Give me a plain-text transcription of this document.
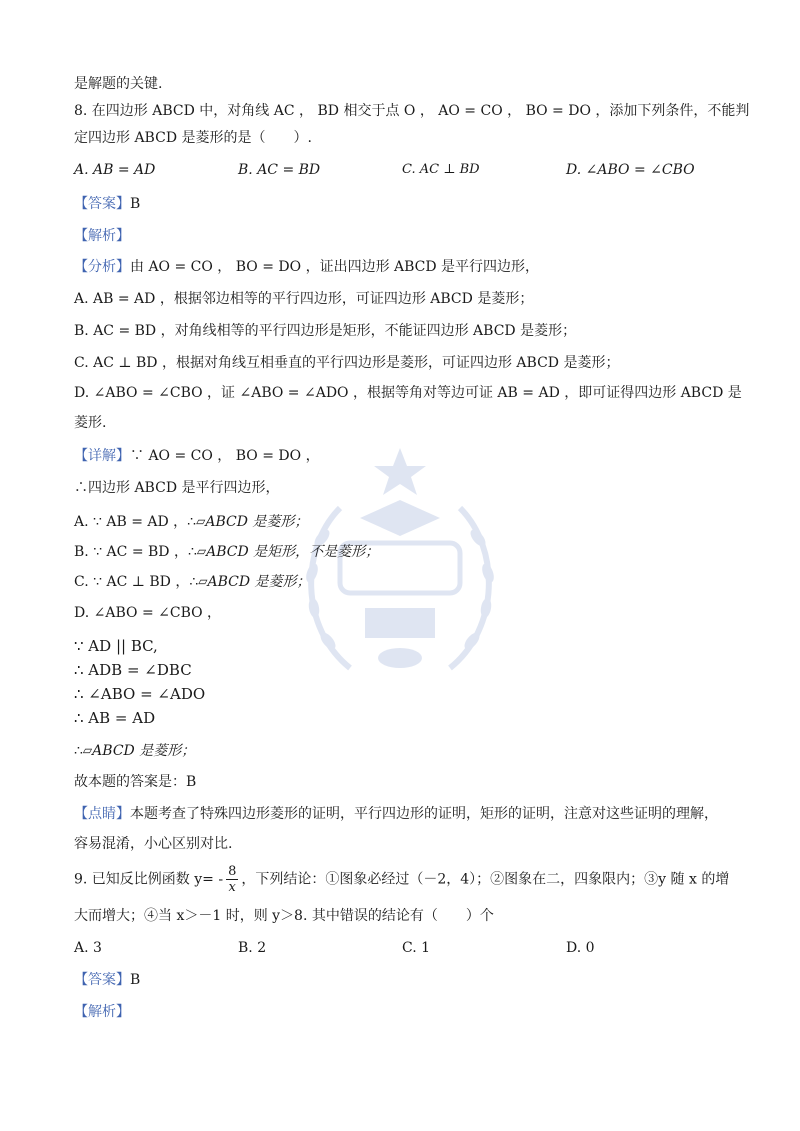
是解题的关键.
8. 在四边形 ABCD 中，对角线 AC ， BD 相交于点 O ， AO = CO ， BO = DO ，添加下列条件，不能判
定四边形 ABCD 是菱形的是（　　）.
A. AB = AD	B. AC = BD	C. AC ⊥ BD	D. ∠ABO = ∠CBO
【答案】B
【解析】
【分析】由 AO = CO ， BO = DO ，证出四边形 ABCD 是平行四边形，
A. AB = AD ，根据邻边相等的平行四边形，可证四边形 ABCD 是菱形；
B. AC = BD ，对角线相等的平行四边形是矩形，不能证四边形 ABCD 是菱形；
C. AC ⊥ BD ，根据对角线互相垂直的平行四边形是菱形，可证四边形 ABCD 是菱形；
D. ∠ABO = ∠CBO ，证 ∠ABO = ∠ADO ，根据等角对等边可证 AB = AD ，即可证得四边形 ABCD 是
菱形.
【详解】∵ AO = CO ， BO = DO ，
∴四边形 ABCD 是平行四边形，
A. ∵ AB = AD ，∴▱ABCD 是菱形；
B. ∵ AC = BD ，∴▱ABCD 是矩形，不是菱形；
C. ∵ AC ⊥ BD ，∴▱ABCD 是菱形；
D. ∠ABO = ∠CBO ，
∵ AD || BC,
∴ ADB = ∠DBC
∴ ∠ABO = ∠ADO
∴ AB = AD
∴▱ABCD 是菱形；
故本题的答案是：B
【点睛】本题考查了特殊四边形菱形的证明，平行四边形的证明，矩形的证明，注意对这些证明的理解，
容易混淆，小心区别对比.
9. 已知反比例函数 $y= - \frac{8}{x}$ ，下列结论：①图象必经过（－2，4）；②图象在二，四象限内；③y 随 x 的增
大而增大；④当 x＞－1 时，则 y＞8. 其中错误的结论有（　　）个
A. 3	B. 2	C. 1	D. 0
【答案】B
【解析】
